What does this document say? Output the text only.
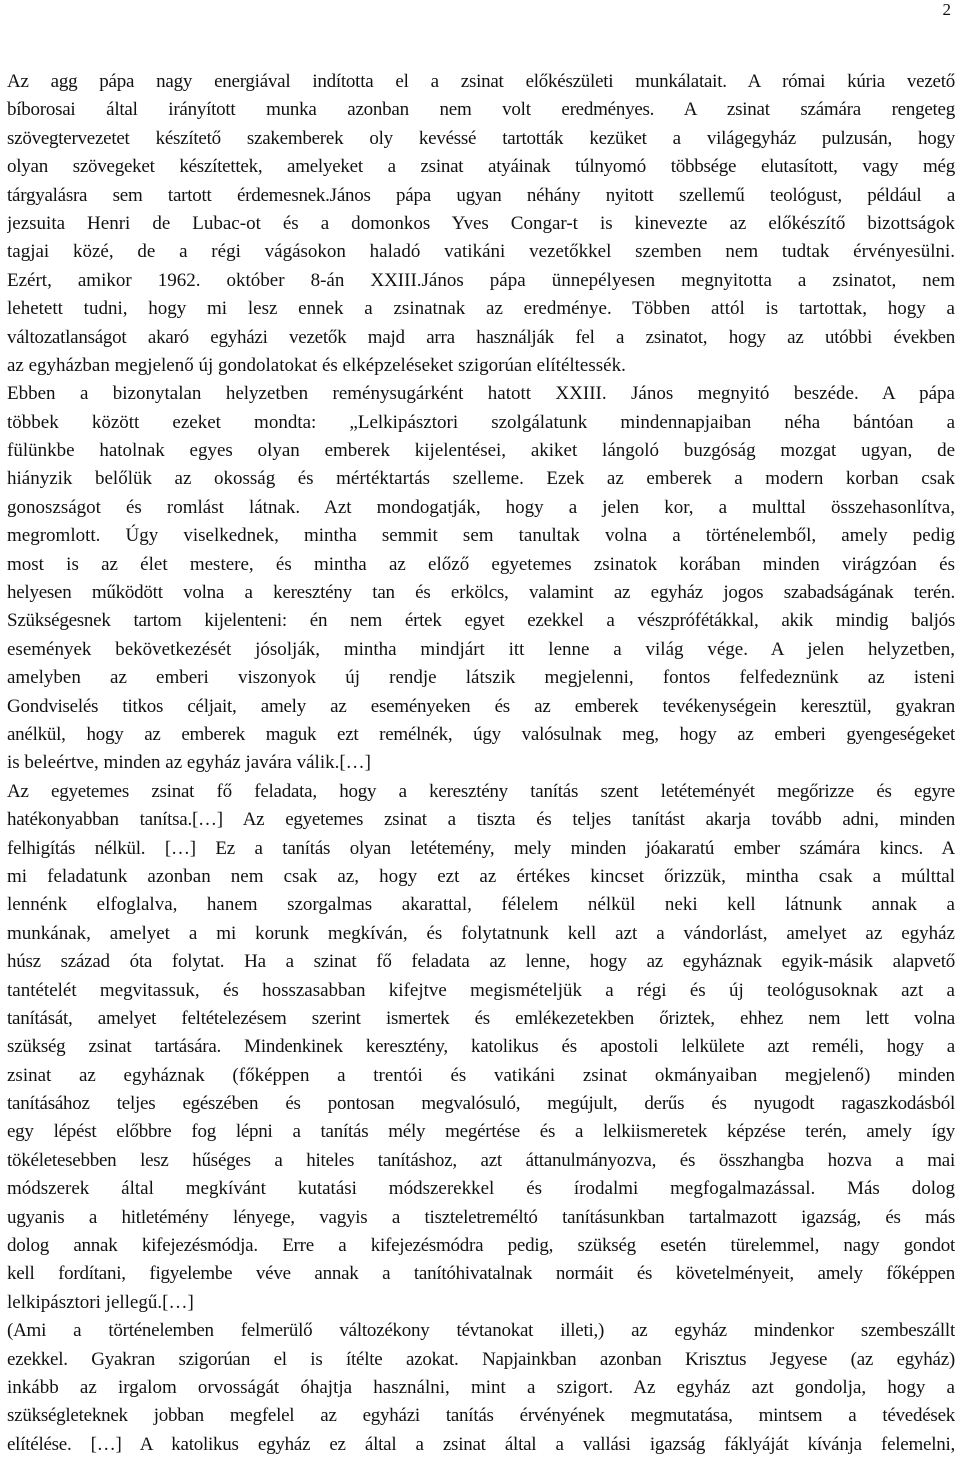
2
Az agg pápa nagy energiával indította el a zsinat előkészületi munkálatait. A római kúria vezető
bíborosai által irányított munka azonban nem volt eredményes. A zsinat számára rengeteg
szövegtervezetet készítető szakemberek oly kevéssé tartották kezüket a világegyház pulzusán, hogy
olyan szövegeket készítettek, amelyeket a zsinat atyáinak túlnyomó többsége elutasított, vagy még
tárgyalásra sem tartott érdemesnek.János pápa ugyan néhány nyitott szellemű teológust, például a
jezsuita Henri de Lubac-ot és a domonkos Yves Congar-t is kinevezte az előkészítő bizottságok
tagjai közé, de a régi vágásokon haladó vatikáni vezetőkkel szemben nem tudtak érvényesülni.
Ezért, amikor 1962. október 8-án XXIII.János pápa ünnepélyesen megnyitotta a zsinatot, nem
lehetett tudni, hogy mi lesz ennek a zsinatnak az eredménye. Többen attól is tartottak, hogy a
változatlanságot akaró egyházi vezetők majd arra használják fel a zsinatot, hogy az utóbbi években
az egyházban megjelenő új gondolatokat és elképzeléseket szigorúan elítéltessék.
Ebben a bizonytalan helyzetben reménysugárként hatott XXIII. János megnyitó beszéde. A pápa
többek között ezeket mondta: „Lelkipásztori szolgálatunk mindennapjaiban néha bántóan a
fülünkbe hatolnak egyes olyan emberek kijelentései, akiket lángoló buzgóság mozgat ugyan, de
hiányzik belőlük az okosság és mértéktartás szelleme. Ezek az emberek a modern korban csak
gonoszságot és romlást látnak. Azt mondogatják, hogy a jelen kor, a multtal összehasonlítva,
megromlott. Úgy viselkednek, mintha semmit sem tanultak volna a történelemből, amely pedig
most is az élet mestere, és mintha az előző egyetemes zsinatok korában minden virágzóan és
helyesen működött volna a keresztény tan és erkölcs, valamint az egyház jogos szabadságának terén.
Szükségesnek tartom kijelenteni: én nem értek egyet ezekkel a vészprófétákkal, akik mindig baljós
események bekövetkezését jósolják, mintha mindjárt itt lenne a világ vége. A jelen helyzetben,
amelyben az emberi viszonyok új rendje látszik megjelenni, fontos felfedeznünk az isteni
Gondviselés titkos céljait, amely az eseményeken és az emberek tevékenységein keresztül, gyakran
anélkül, hogy az emberek maguk ezt remélnék, úgy valósulnak meg, hogy az emberi gyengeségeket
is beleértve, minden az egyház javára válik.[…]
Az egyetemes zsinat fő feladata, hogy a keresztény tanítás szent letéteményét megőrizze és egyre
hatékonyabban tanítsa.[…] Az egyetemes zsinat a tiszta és teljes tanítást akarja tovább adni, minden
felhigítás nélkül. […] Ez a tanítás olyan letétemény, mely minden jóakaratú ember számára kincs. A
mi feladatunk azonban nem csak az, hogy ezt az értékes kincset őrizzük, mintha csak a múlttal
lennénk elfoglalva, hanem szorgalmas akarattal, félelem nélkül neki kell látnunk annak a
munkának, amelyet a mi korunk megkíván, és folytatnunk kell azt a vándorlást, amelyet az egyház
húsz század óta folytat. Ha a szinat fő feladata az lenne, hogy az egyháznak egyik-másik alapvető
tantételét megvitassuk, és hosszasabban kifejtve megismételjük a régi és új teológusoknak azt a
tanítását, amelyet feltételezésem szerint ismertek és emlékezetekben őriztek, ehhez nem lett volna
szükség zsinat tartására. Mindenkinek keresztény, katolikus és apostoli lelkülete azt reméli, hogy a
zsinat az egyháznak (főképpen a trentói és vatikáni zsinat okmányaiban megjelenő) minden
tanításához teljes egészében és pontosan megvalósuló, megújult, derűs és nyugodt ragaszkodásból
egy lépést előbbre fog lépni a tanítás mély megértése és a lelkiismeretek képzése terén, amely így
tökéletesebben lesz hűséges a hiteles tanításhoz, azt áttanulmányozva, és összhangba hozva a mai
módszerek által megkívánt kutatási módszerekkel és írodalmi megfogalmazással. Más dolog
ugyanis a hitletémény lényege, vagyis a tiszteletreméltó tanításunkban tartalmazott igazság, és más
dolog annak kifejezésmódja. Erre a kifejezésmódra pedig, szükség esetén türelemmel, nagy gondot
kell fordítani, figyelembe véve annak a tanítóhivatalnak normáit és követelményeit, amely főképpen
lelkipásztori jellegű.[…]
(Ami a történelemben felmerülő változékony tévtanokat illeti,) az egyház mindenkor szembeszállt
ezekkel. Gyakran szigorúan el is ítélte azokat. Napjainkban azonban Krisztus Jegyese (az egyház)
inkább az irgalom orvosságát óhajtja használni, mint a szigort. Az egyház azt gondolja, hogy a
szükségleteknek jobban megfelel az egyházi tanítás érvényének megmutatása, mintsem a tévedések
elítélése. […] A katolikus egyház ez által a zsinat által a vallási igazság fáklyáját kívánja felemelni,
